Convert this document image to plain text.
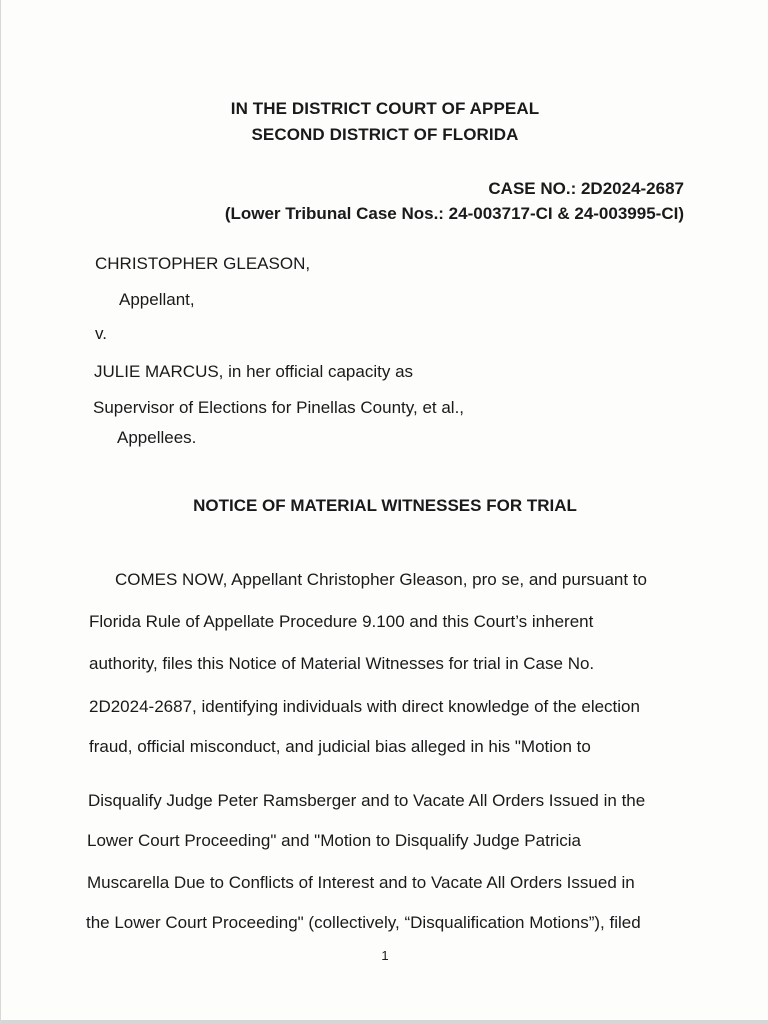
IN THE DISTRICT COURT OF APPEAL
SECOND DISTRICT OF FLORIDA
CASE NO.: 2D2024-2687
(Lower Tribunal Case Nos.: 24-003717-CI & 24-003995-CI)
CHRISTOPHER GLEASON,
Appellant,
v.
JULIE MARCUS, in her official capacity as
Supervisor of Elections for Pinellas County, et al.,
Appellees.
NOTICE OF MATERIAL WITNESSES FOR TRIAL
COMES NOW, Appellant Christopher Gleason, pro se, and pursuant to
Florida Rule of Appellate Procedure 9.100 and this Court’s inherent
authority, files this Notice of Material Witnesses for trial in Case No.
2D2024-2687, identifying individuals with direct knowledge of the election
fraud, official misconduct, and judicial bias alleged in his "Motion to
Disqualify Judge Peter Ramsberger and to Vacate All Orders Issued in the
Lower Court Proceeding" and "Motion to Disqualify Judge Patricia
Muscarella Due to Conflicts of Interest and to Vacate All Orders Issued in
the Lower Court Proceeding" (collectively, “Disqualification Motions”), filed
1
